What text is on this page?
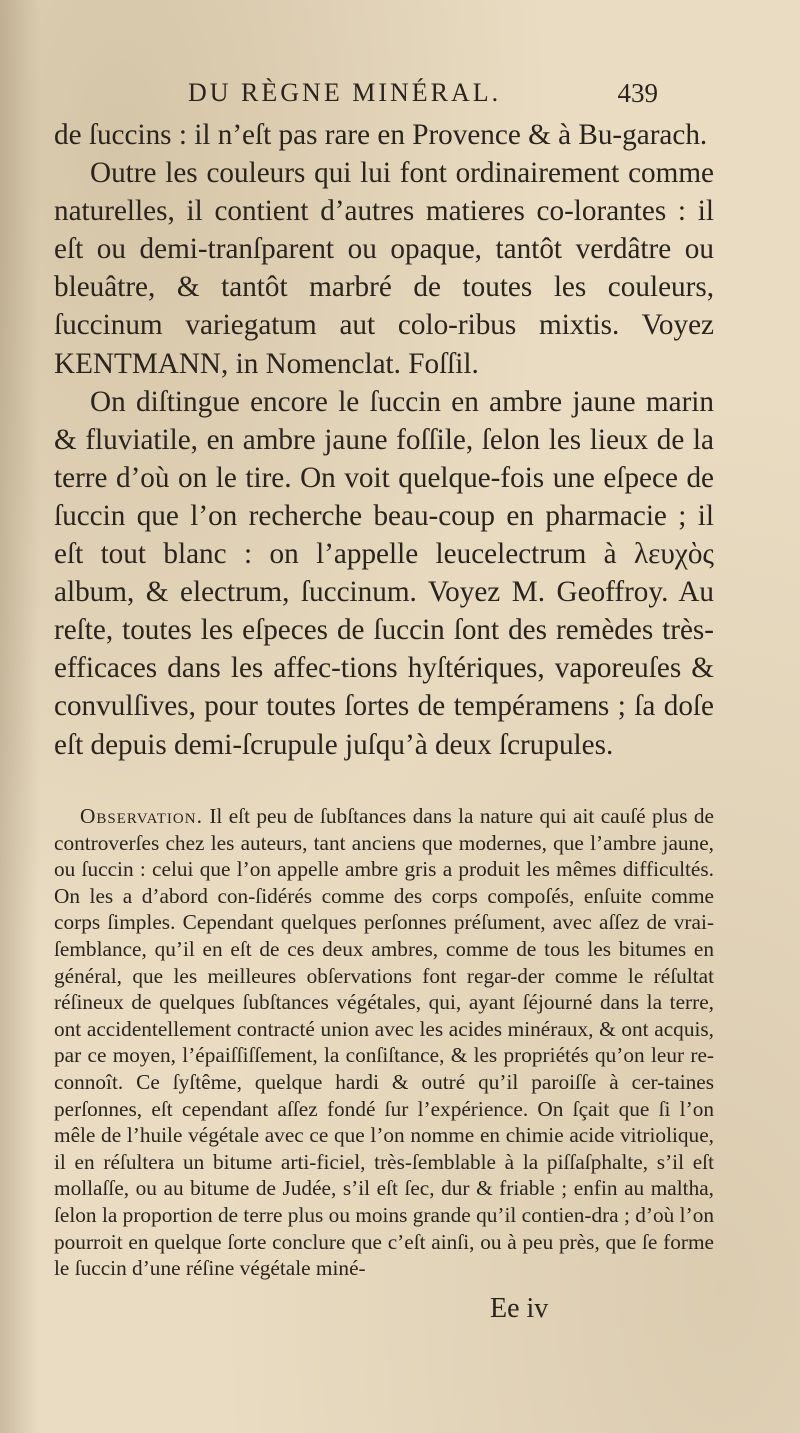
DU RÈGNE MINÉRAL.	439

de ſuccins : il n’eſt pas rare en Provence & à Bu-garach.

Outre les couleurs qui lui font ordinairement comme naturelles, il contient d’autres matieres co-lorantes : il eſt ou demi-tranſparent ou opaque, tantôt verdâtre ou bleuâtre, & tantôt marbré de toutes les couleurs, ſuccinum variegatum aut colo-ribus mixtis. Voyez KENTMANN, in Nomenclat. Foſſil.

On diſtingue encore le ſuccin en ambre jaune marin & fluviatile, en ambre jaune foſſile, ſelon les lieux de la terre d’où on le tire. On voit quelque-fois une eſpece de ſuccin que l’on recherche beau-coup en pharmacie ; il eſt tout blanc : on l’appelle leucelectrum à λευχὸς album, & electrum, ſuccinum. Voyez M. Geoffroy. Au reſte, toutes les eſpeces de ſuccin ſont des remèdes très-efficaces dans les affec-tions hyſtériques, vaporeuſes & convulſives, pour toutes ſortes de tempéramens ; ſa doſe eſt depuis demi-ſcrupule juſqu’à deux ſcrupules.

Observation. Il eſt peu de ſubſtances dans la nature qui ait cauſé plus de controverſes chez les auteurs, tant anciens que modernes, que l’ambre jaune, ou ſuccin : celui que l’on appelle ambre gris a produit les mêmes difficultés. On les a d’abord con-ſidérés comme des corps compoſés, enſuite comme corps ſimples. Cependant quelques perſonnes préſument, avec aſſez de vrai-ſemblance, qu’il en eſt de ces deux ambres, comme de tous les bitumes en général, que les meilleures obſervations font regar-der comme le réſultat réſineux de quelques ſubſtances végétales, qui, ayant ſéjourné dans la terre, ont accidentellement contracté union avec les acides minéraux, & ont acquis, par ce moyen, l’épaiſſiſſement, la conſiſtance, & les propriétés qu’on leur re-connoît. Ce ſyſtême, quelque hardi & outré qu’il paroiſſe à cer-taines perſonnes, eſt cependant aſſez fondé ſur l’expérience. On ſçait que ſi l’on mêle de l’huile végétale avec ce que l’on nomme en chimie acide vitriolique, il en réſultera un bitume arti-ficiel, très-ſemblable à la piſſaſphalte, s’il eſt mollaſſe, ou au bitume de Judée, s’il eſt ſec, dur & friable ; enfin au maltha, ſelon la proportion de terre plus ou moins grande qu’il contien-dra ; d’où l’on pourroit en quelque ſorte conclure que c’eſt ainſi, ou à peu près, que ſe forme le ſuccin d’une réſine végétale miné-
Ee iv
